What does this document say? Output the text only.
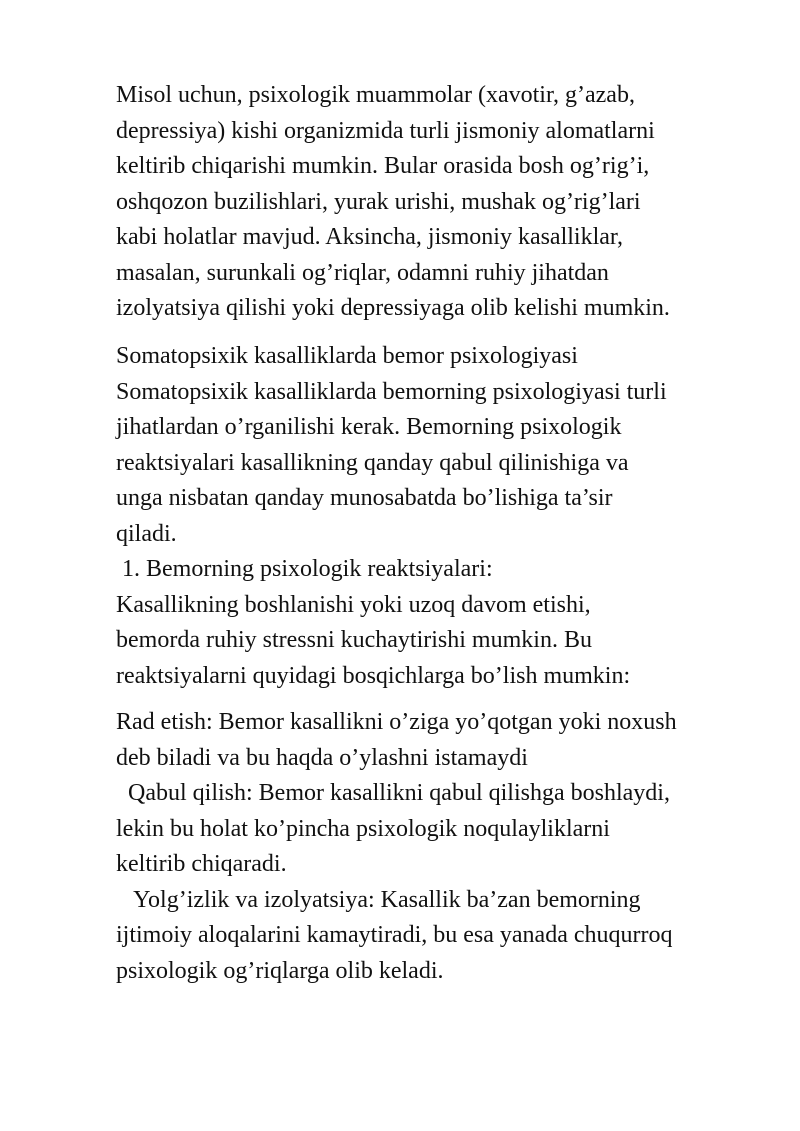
Misol uchun, psixologik muammolar (xavotir, g’azab,
depressiya) kishi organizmida turli jismoniy alomatlarni
keltirib chiqarishi mumkin. Bular orasida bosh og’rig’i,
oshqozon buzilishlari, yurak urishi, mushak og’rig’lari
kabi holatlar mavjud. Aksincha, jismoniy kasalliklar,
masalan, surunkali og’riqlar, odamni ruhiy jihatdan
izolyatsiya qilishi yoki depressiyaga olib kelishi mumkin.
Somatopsixik kasalliklarda bemor psixologiyasi
Somatopsixik kasalliklarda bemorning psixologiyasi turli
jihatlardan o’rganilishi kerak. Bemorning psixologik
reaktsiyalari kasallikning qanday qabul qilinishiga va
unga nisbatan qanday munosabatda bo’lishiga ta’sir
qiladi.
1. Bemorning psixologik reaktsiyalari:
Kasallikning boshlanishi yoki uzoq davom etishi,
bemorda ruhiy stressni kuchaytirishi mumkin. Bu
reaktsiyalarni quyidagi bosqichlarga bo’lish mumkin:
Rad etish: Bemor kasallikni o’ziga yo’qotgan yoki noxush
deb biladi va bu haqda o’ylashni istamaydi
Qabul qilish: Bemor kasallikni qabul qilishga boshlaydi,
lekin bu holat ko’pincha psixologik noqulayliklarni
keltirib chiqaradi.
Yolg’izlik va izolyatsiya: Kasallik ba’zan bemorning
ijtimoiy aloqalarini kamaytiradi, bu esa yanada chuqurroq
psixologik og’riqlarga olib keladi.
